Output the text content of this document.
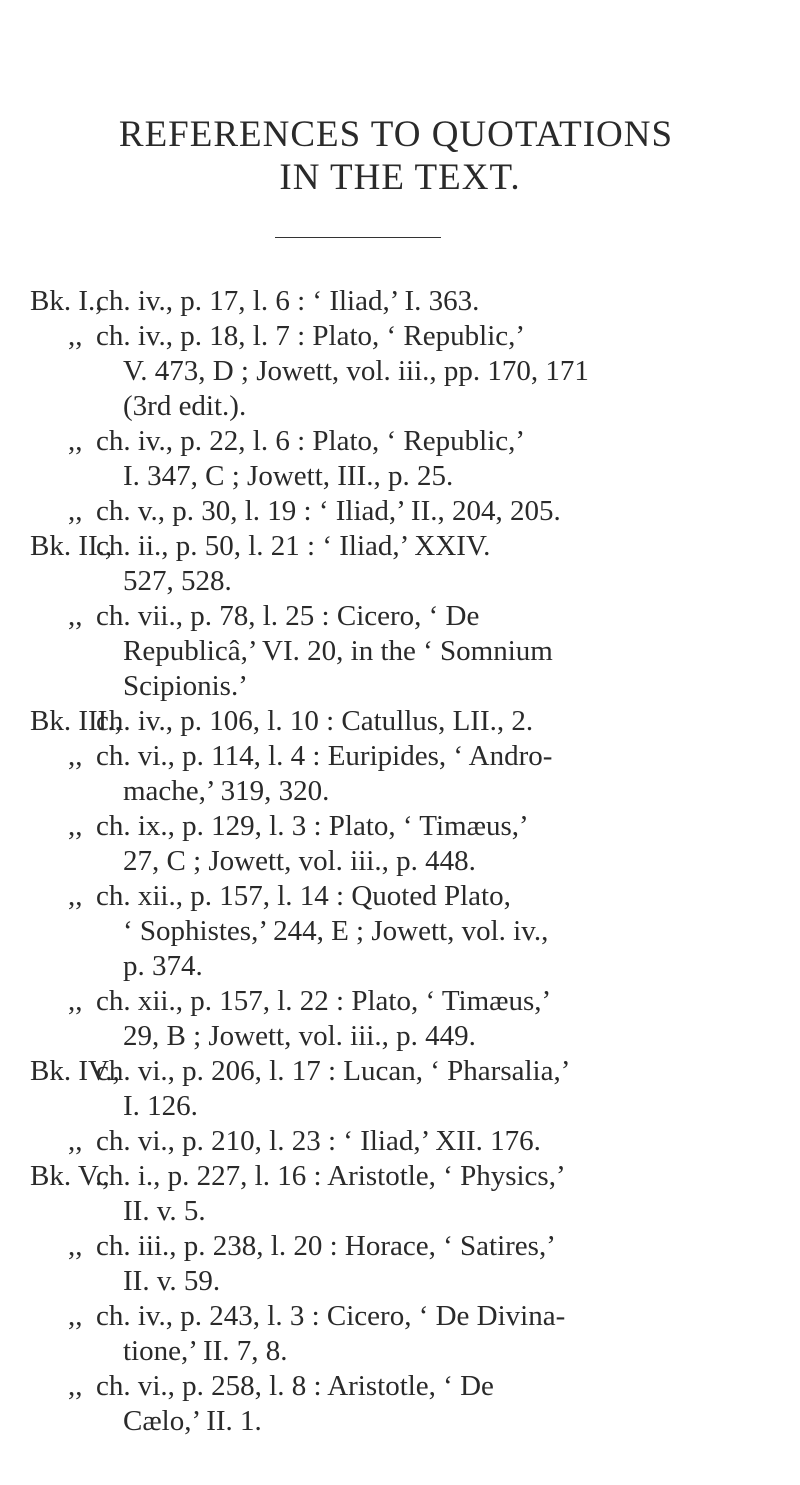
REFERENCES TO QUOTATIONS
IN THE TEXT.
Bk. I.,
ch. iv., p. 17, l. 6 : ‘ Iliad,’ I. 363.
,, ch. iv., p. 18, l. 7 : Plato, ‘ Republic,’
V. 473, D ; Jowett, vol. iii., pp. 170, 171
(3rd edit.).
,, ch. iv., p. 22, l. 6 : Plato, ‘ Republic,’
I. 347, C ; Jowett, III., p. 25.
,, ch. v., p. 30, l. 19 : ‘ Iliad,’ II., 204, 205.
Bk. II.,
ch. ii., p. 50, l. 21 : ‘ Iliad,’ XXIV.
527, 528.
,, ch. vii., p. 78, l. 25 : Cicero, ‘ De
Republicâ,’ VI. 20, in the ‘ Somnium
Scipionis.’
Bk. III.,
ch. iv., p. 106, l. 10 : Catullus, LII., 2.
,, ch. vi., p. 114, l. 4 : Euripides, ‘ Andro-
mache,’ 319, 320.
,, ch. ix., p. 129, l. 3 : Plato, ‘ Timæus,’
27, C ; Jowett, vol. iii., p. 448.
,, ch. xii., p. 157, l. 14 : Quoted Plato,
‘ Sophistes,’ 244, E ; Jowett, vol. iv.,
p. 374.
,, ch. xii., p. 157, l. 22 : Plato, ‘ Timæus,’
29, B ; Jowett, vol. iii., p. 449.
Bk. IV.,
ch. vi., p. 206, l. 17 : Lucan, ‘ Pharsalia,’
I. 126.
,, ch. vi., p. 210, l. 23 : ‘ Iliad,’ XII. 176.
Bk. V.,
ch. i., p. 227, l. 16 : Aristotle, ‘ Physics,’
II. v. 5.
,, ch. iii., p. 238, l. 20 : Horace, ‘ Satires,’
II. v. 59.
,, ch. iv., p. 243, l. 3 : Cicero, ‘ De Divina-
tione,’ II. 7, 8.
,, ch. vi., p. 258, l. 8 : Aristotle, ‘ De
Cælo,’ II. 1.
